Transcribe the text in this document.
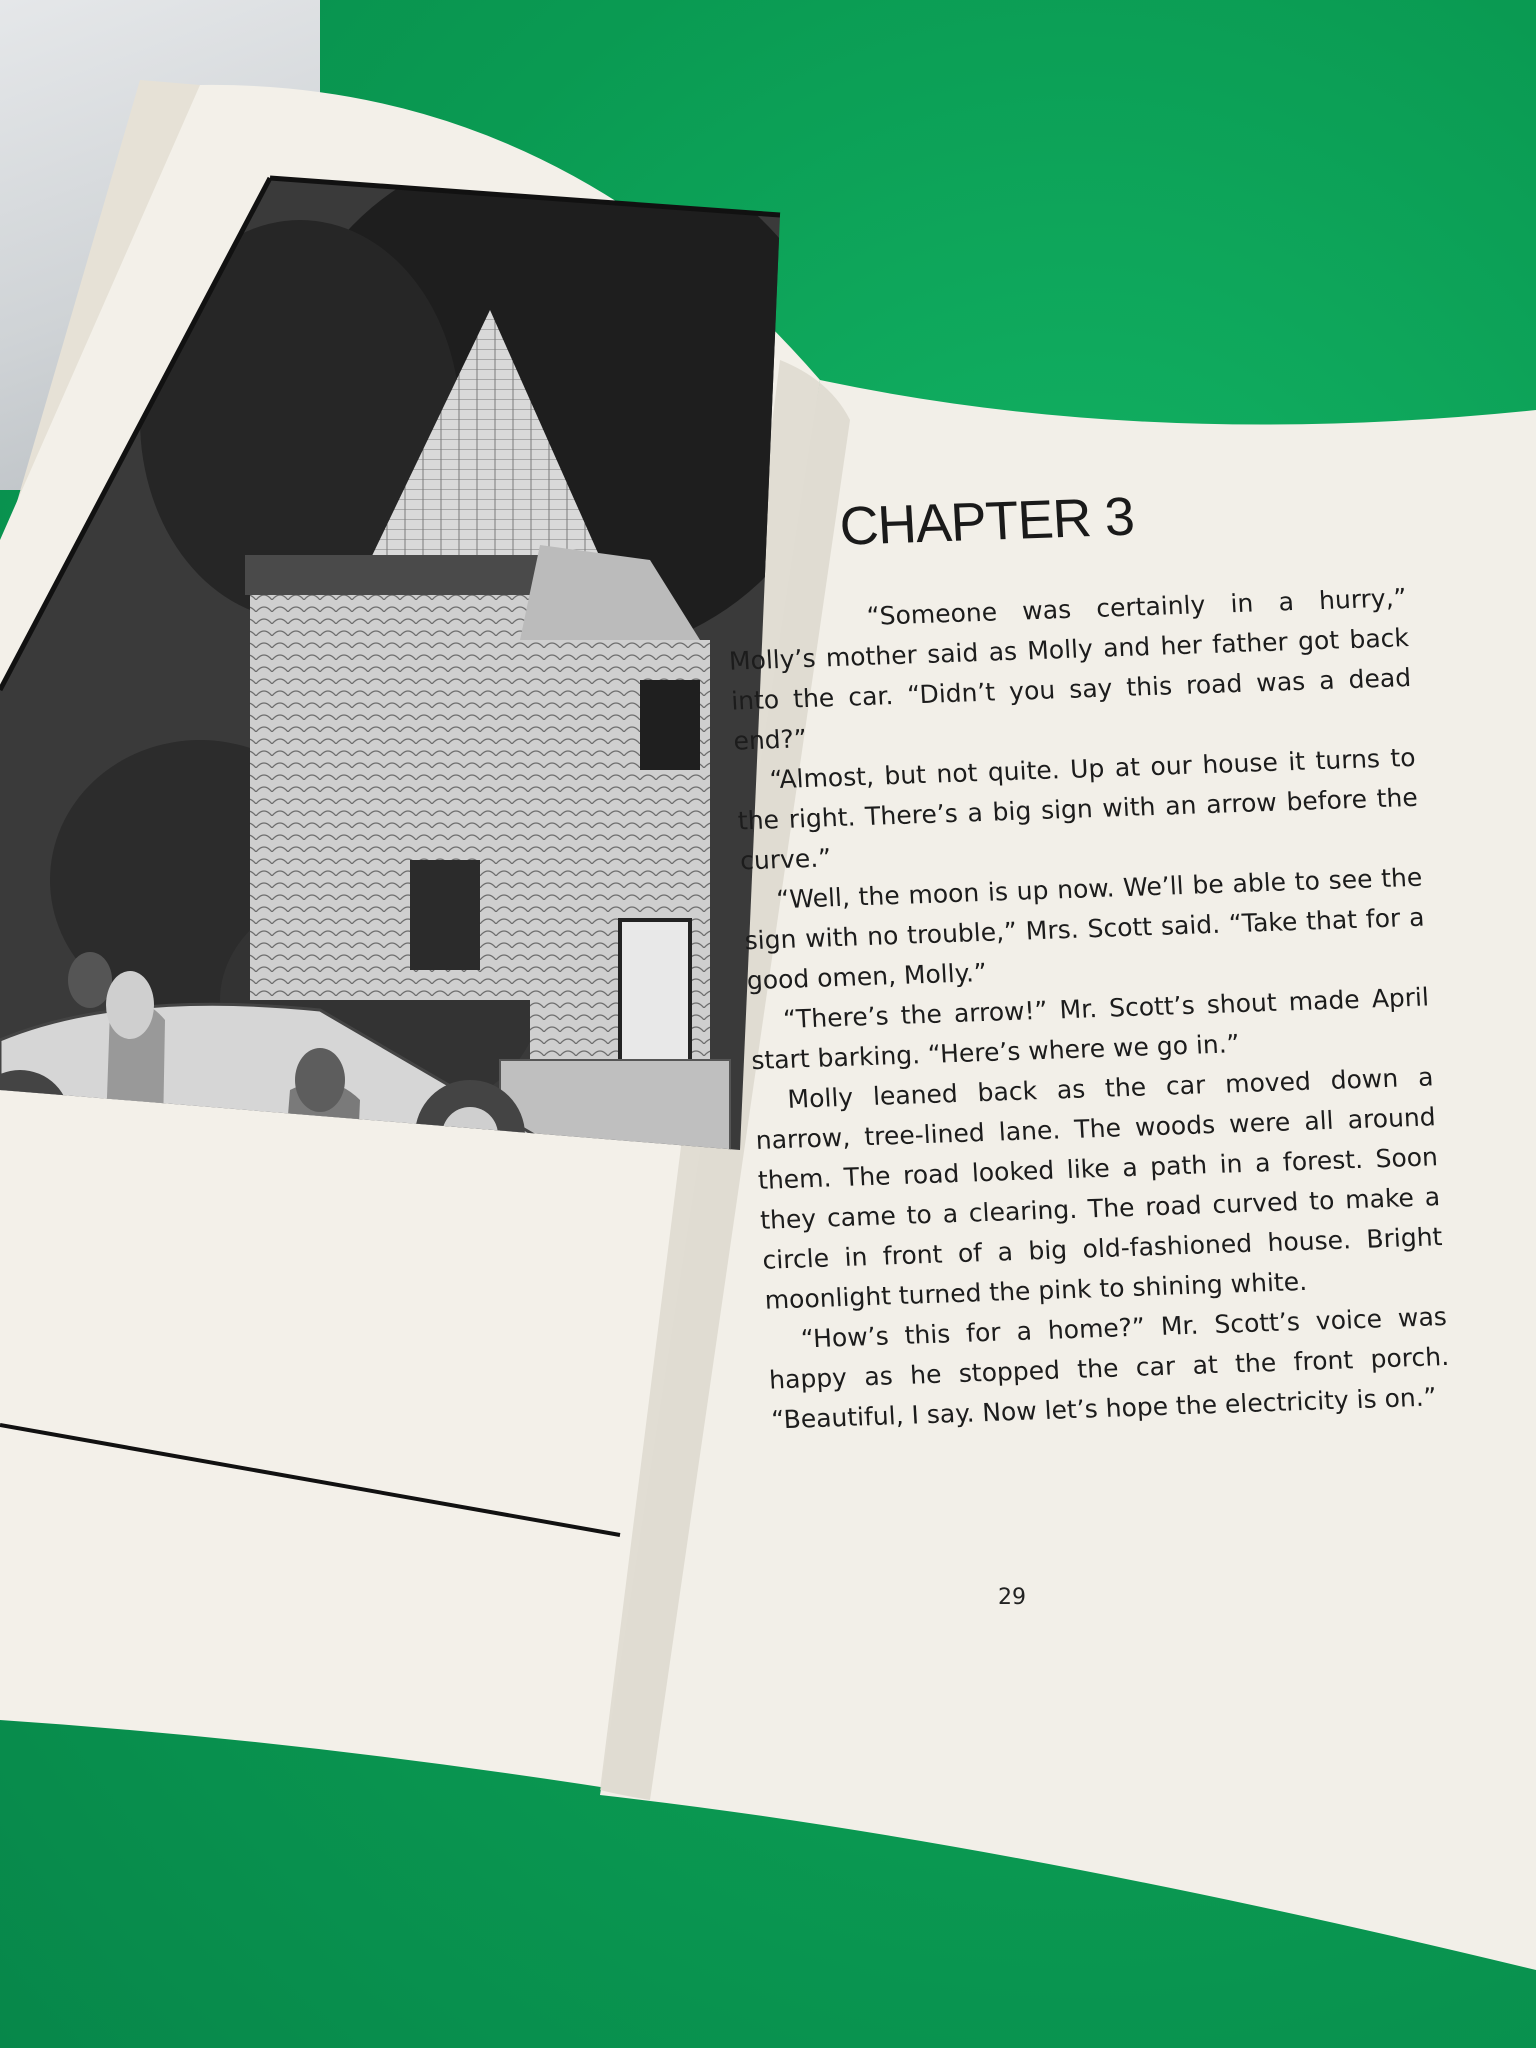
CHAPTER 3

“Someone was certainly in a hurry,” Molly’s mother said as Molly and her father got back into the car. “Didn’t you say this road was a dead end?”

“Almost, but not quite. Up at our house it turns to the right. There’s a big sign with an arrow before the curve.”

“Well, the moon is up now. We’ll be able to see the sign with no trouble,” Mrs. Scott said. “Take that for a good omen, Molly.”

“There’s the arrow!” Mr. Scott’s shout made April start barking. “Here’s where we go in.”

Molly leaned back as the car moved down a narrow, tree-lined lane. The woods were all around them. The road looked like a path in a forest. Soon they came to a clearing. The road curved to make a circle in front of a big old-fashioned house. Bright moonlight turned the pink to shining white.

“How’s this for a home?” Mr. Scott’s voice was happy as he stopped the car at the front porch. “Beautiful, I say. Now let’s hope the electricity is on.”

29
